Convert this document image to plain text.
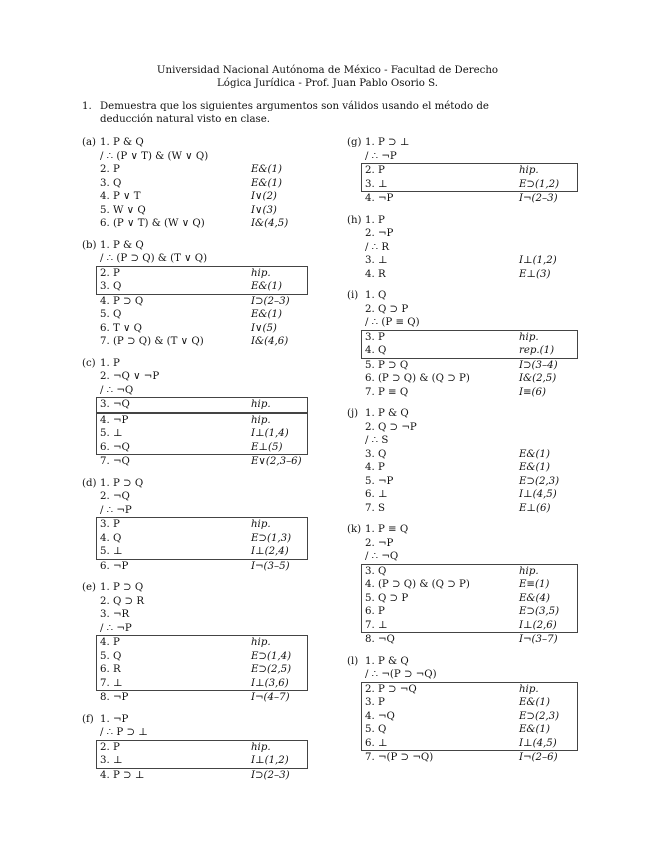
Universidad Nacional Autónoma de México - Facultad de Derecho
Lógica Jurídica - Prof. Juan Pablo Osorio S.
1. Demuestra que los siguientes argumentos son válidos usando el método de
deducción natural visto en clase.
(a) 1. P & Q
/ ∴ (P ∨ T) & (W ∨ Q)
2. P	E&(1)
3. Q	E&(1)
4. P ∨ T	I∨(2)
5. W ∨ Q	I∨(3)
6. (P ∨ T) & (W ∨ Q)	I&(4,5)
(b) 1. P & Q
/ ∴ (P ⊃ Q) & (T ∨ Q)
2. P	hip.
3. Q	E&(1)
4. P ⊃ Q	I⊃(2–3)
5. Q	E&(1)
6. T ∨ Q	I∨(5)
7. (P ⊃ Q) & (T ∨ Q)	I&(4,6)
(c) 1. P
2. ¬Q ∨ ¬P
/ ∴ ¬Q
3. ¬Q	hip.
4. ¬P	hip.
5. ⊥	I⊥(1,4)
6. ¬Q	E⊥(5)
7. ¬Q	E∨(2,3–6)
(d) 1. P ⊃ Q
2. ¬Q
/ ∴ ¬P
3. P	hip.
4. Q	E⊃(1,3)
5. ⊥	I⊥(2,4)
6. ¬P	I¬(3–5)
(e) 1. P ⊃ Q
2. Q ⊃ R
3. ¬R
/ ∴ ¬P
4. P	hip.
5. Q	E⊃(1,4)
6. R	E⊃(2,5)
7. ⊥	I⊥(3,6)
8. ¬P	I¬(4–7)
(f) 1. ¬P
/ ∴ P ⊃ ⊥
2. P	hip.
3. ⊥	I⊥(1,2)
4. P ⊃ ⊥	I⊃(2–3)
(g) 1. P ⊃ ⊥
/ ∴ ¬P
2. P	hip.
3. ⊥	E⊃(1,2)
4. ¬P	I¬(2–3)
(h) 1. P
2. ¬P
/ ∴ R
3. ⊥	I⊥(1,2)
4. R	E⊥(3)
(i) 1. Q
2. Q ⊃ P
/ ∴ (P ≡ Q)
3. P	hip.
4. Q	rep.(1)
5. P ⊃ Q	I⊃(3–4)
6. (P ⊃ Q) & (Q ⊃ P)	I&(2,5)
7. P ≡ Q	I≡(6)
(j) 1. P & Q
2. Q ⊃ ¬P
/ ∴ S
3. Q	E&(1)
4. P	E&(1)
5. ¬P	E⊃(2,3)
6. ⊥	I⊥(4,5)
7. S	E⊥(6)
(k) 1. P ≡ Q
2. ¬P
/ ∴ ¬Q
3. Q	hip.
4. (P ⊃ Q) & (Q ⊃ P)	E≡(1)
5. Q ⊃ P	E&(4)
6. P	E⊃(3,5)
7. ⊥	I⊥(2,6)
8. ¬Q	I¬(3–7)
(l) 1. P & Q
/ ∴ ¬(P ⊃ ¬Q)
2. P ⊃ ¬Q	hip.
3. P	E&(1)
4. ¬Q	E⊃(2,3)
5. Q	E&(1)
6. ⊥	I⊥(4,5)
7. ¬(P ⊃ ¬Q)	I¬(2–6)
